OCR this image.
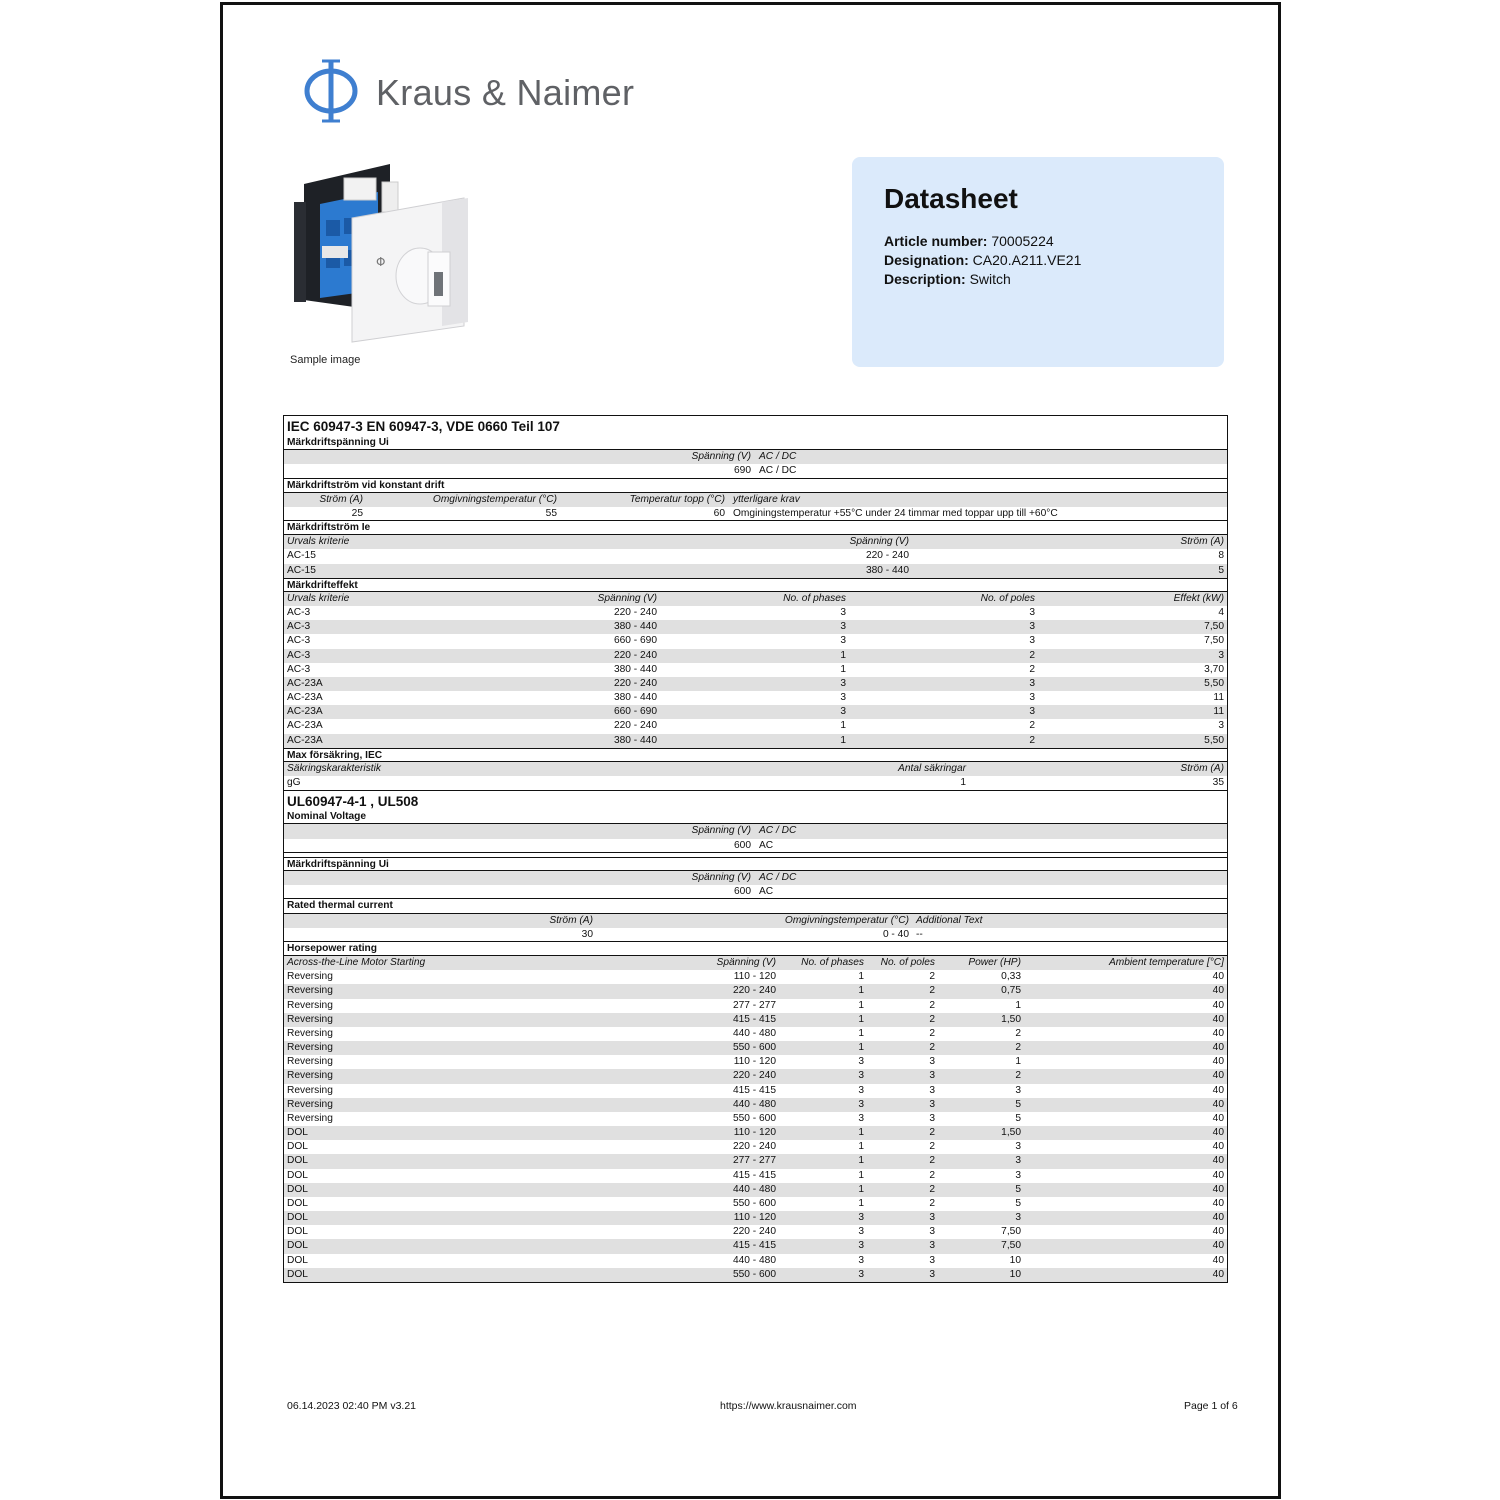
Kraus & Naimer
Φ
Sample image
Datasheet
Article number: 70005224
Designation: CA20.A211.VE21
Description: Switch
IEC 60947-3 EN 60947-3, VDE 0660 Teil 107
Märkdriftspänning Ui
Spänning (V) AC / DC
690 AC / DC
Märkdriftström vid konstant drift
Ström (A)	Omgivningstemperatur (°C)	Temperatur topp (°C) ytterligare krav
25	55	60 Omginingstemperatur +55°C under 24 timmar med toppar upp till +60°C
Märkdriftström Ie
Urvals kriterie	Spänning (V)	Ström (A)
AC-15	220 - 240	8
AC-15	380 - 440	5
Märkdrifteffekt
Urvals kriterie	Spänning (V)	No. of phases	No. of poles	Effekt (kW)
AC-3	220 - 240	3	3	4
AC-3	380 - 440	3	3	7,50
AC-3	660 - 690	3	3	7,50
AC-3	220 - 240	1	2	3
AC-3	380 - 440	1	2	3,70
AC-23A	220 - 240	3	3	5,50
AC-23A	380 - 440	3	3	11
AC-23A	660 - 690	3	3	11
AC-23A	220 - 240	1	2	3
AC-23A	380 - 440	1	2	5,50
Max försäkring, IEC
Säkringskarakteristik	Antal säkringar	Ström (A)
gG	1	35
UL60947-4-1 , UL508
Nominal Voltage
Spänning (V) AC / DC
600 AC
Märkdriftspänning Ui
Spänning (V) AC / DC
600 AC
Rated thermal current
Ström (A)	Omgivningstemperatur (°C) Additional Text
30	0 - 40 --
Horsepower rating
Across-the-Line Motor Starting	Spänning (V) No. of phases No. of poles	Power (HP)	Ambient temperature [°C]
Reversing	110 - 120	1	2	0,33	40
Reversing	220 - 240	1	2	0,75	40
Reversing	277 - 277	1	2	1	40
Reversing	415 - 415	1	2	1,50	40
Reversing	440 - 480	1	2	2	40
Reversing	550 - 600	1	2	2	40
Reversing	110 - 120	3	3	1	40
Reversing	220 - 240	3	3	2	40
Reversing	415 - 415	3	3	3	40
Reversing	440 - 480	3	3	5	40
Reversing	550 - 600	3	3	5	40
DOL	110 - 120	1	2	1,50	40
DOL	220 - 240	1	2	3	40
DOL	277 - 277	1	2	3	40
DOL	415 - 415	1	2	3	40
DOL	440 - 480	1	2	5	40
DOL	550 - 600	1	2	5	40
DOL	110 - 120	3	3	3	40
DOL	220 - 240	3	3	7,50	40
DOL	415 - 415	3	3	7,50	40
DOL	440 - 480	3	3	10	40
DOL	550 - 600	3	3	10	40
06.14.2023 02:40 PM v3.21	https://www.krausnaimer.com	Page 1 of 6
